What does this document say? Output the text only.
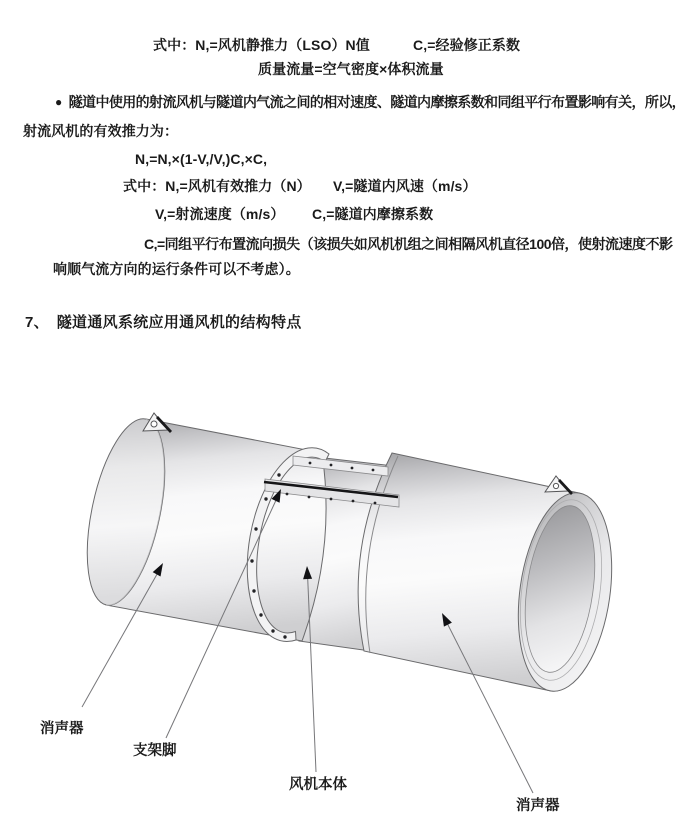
式中：N,=风机静推力（LSO）N值	C,=经验修正系数
质量流量=空气密度×体积流量
● 隧道中使用的射流风机与隧道内气流之间的相对速度、隧道内摩擦系数和同组平行布置影响有关，所以，
射流风机的有效推力为：
N,=N,×(1-V,/V,)C,×C,
式中：N,=风机有效推力（N） V,=隧道内风速（m/s）
V,=射流速度（m/s） C,=隧道内摩擦系数
C,=同组平行布置流向损失（该损失如风机机组之间相隔风机直径100倍，使射流速度不影
响顺气流方向的运行条件可以不考虑）。
7、　隧道通风系统应用通风机的结构特点
消声器
支架脚
风机本体
消声器
